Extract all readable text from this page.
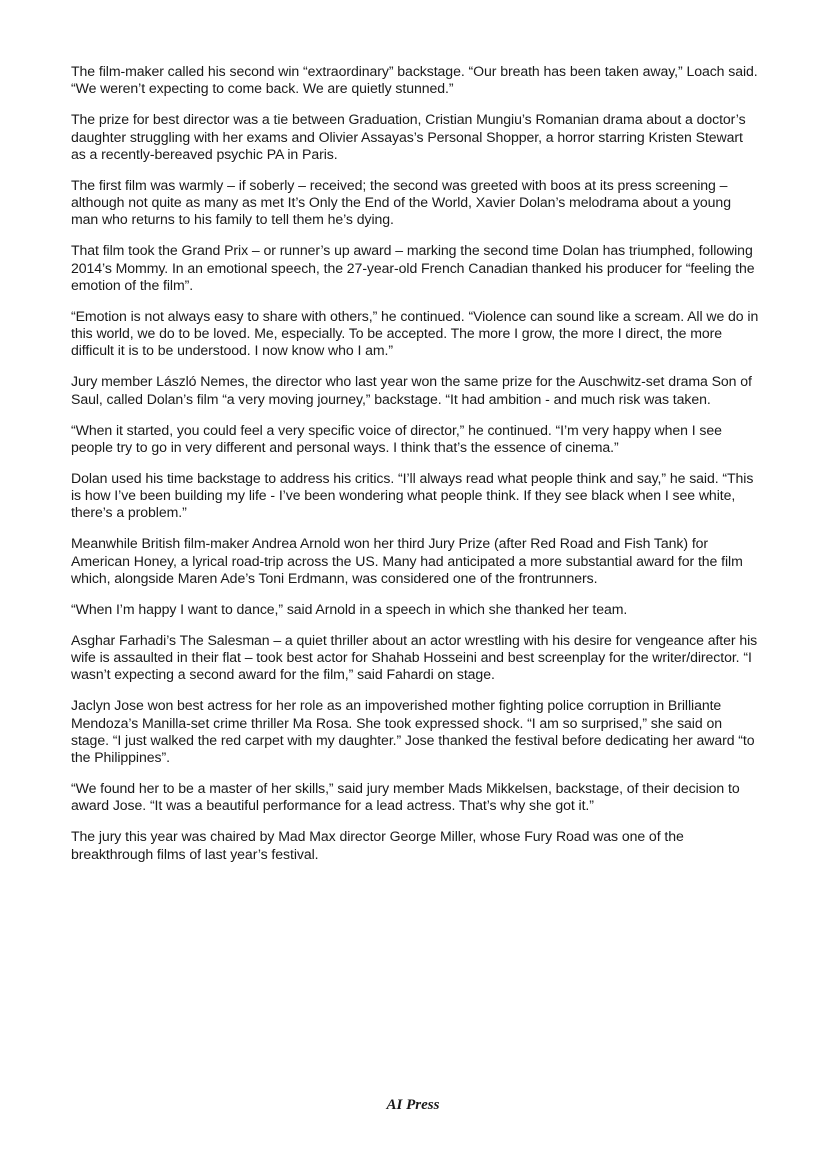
The film-maker called his second win “extraordinary” backstage. “Our breath has been taken away,” Loach said. “We weren’t expecting to come back. We are quietly stunned.”

The prize for best director was a tie between Graduation, Cristian Mungiu’s Romanian drama about a doctor’s daughter struggling with her exams and Olivier Assayas’s Personal Shopper, a horror starring Kristen Stewart as a recently-bereaved psychic PA in Paris.

The first film was warmly – if soberly – received; the second was greeted with boos at its press screening – although not quite as many as met It’s Only the End of the World, Xavier Dolan’s melodrama about a young man who returns to his family to tell them he’s dying.

That film took the Grand Prix – or runner’s up award – marking the second time Dolan has triumphed, following 2014’s Mommy. In an emotional speech, the 27-year-old French Canadian thanked his producer for “feeling the emotion of the film”.

“Emotion is not always easy to share with others,” he continued. “Violence can sound like a scream. All we do in this world, we do to be loved. Me, especially. To be accepted. The more I grow, the more I direct, the more difficult it is to be understood. I now know who I am.”

Jury member László Nemes, the director who last year won the same prize for the Auschwitz-set drama Son of Saul, called Dolan’s film “a very moving journey,” backstage. “It had ambition - and much risk was taken.

“When it started, you could feel a very specific voice of director,” he continued. “I’m very happy when I see people try to go in very different and personal ways. I think that’s the essence of cinema.”

Dolan used his time backstage to address his critics. “I’ll always read what people think and say,” he said. “This is how I’ve been building my life - I’ve been wondering what people think. If they see black when I see white, there’s a problem.”

Meanwhile British film-maker Andrea Arnold won her third Jury Prize (after Red Road and Fish Tank) for American Honey, a lyrical road-trip across the US. Many had anticipated a more substantial award for the film which, alongside Maren Ade’s Toni Erdmann, was considered one of the frontrunners.

“When I’m happy I want to dance,” said Arnold in a speech in which she thanked her team.

Asghar Farhadi’s The Salesman – a quiet thriller about an actor wrestling with his desire for vengeance after his wife is assaulted in their flat – took best actor for Shahab Hosseini and best screenplay for the writer/director. “I wasn’t expecting a second award for the film,” said Fahardi on stage.

Jaclyn Jose won best actress for her role as an impoverished mother fighting police corruption in Brilliante Mendoza’s Manilla-set crime thriller Ma Rosa. She took expressed shock. “I am so surprised,” she said on stage. “I just walked the red carpet with my daughter.” Jose thanked the festival before dedicating her award “to the Philippines”.

“We found her to be a master of her skills,” said jury member Mads Mikkelsen, backstage, of their decision to award Jose. “It was a beautiful performance for a lead actress. That’s why she got it.”

The jury this year was chaired by Mad Max director George Miller, whose Fury Road was one of the breakthrough films of last year’s festival.

AI Press
